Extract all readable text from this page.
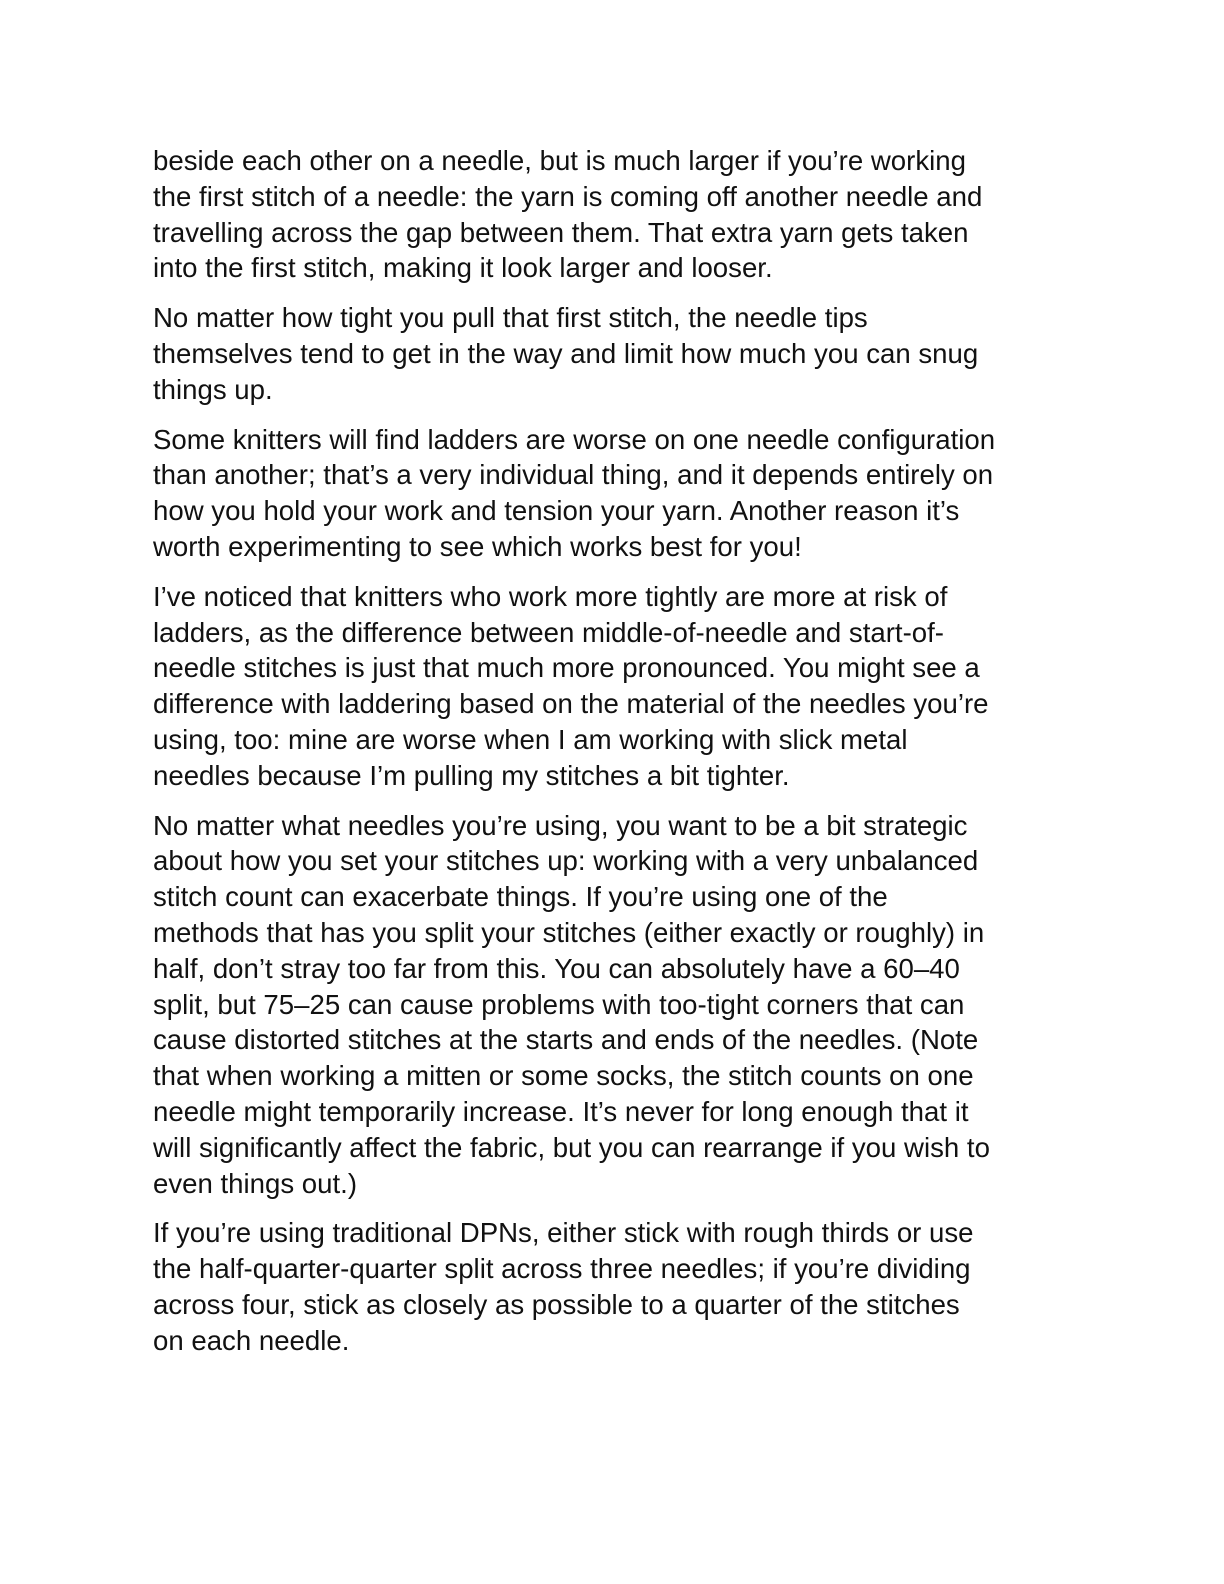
beside each other on a needle, but is much larger if you’re working
the first stitch of a needle: the yarn is coming off another needle and
travelling across the gap between them. That extra yarn gets taken
into the first stitch, making it look larger and looser.
No matter how tight you pull that first stitch, the needle tips
themselves tend to get in the way and limit how much you can snug
things up.
Some knitters will find ladders are worse on one needle configuration
than another; that’s a very individual thing, and it depends entirely on
how you hold your work and tension your yarn. Another reason it’s
worth experimenting to see which works best for you!
I’ve noticed that knitters who work more tightly are more at risk of
ladders, as the difference between middle-of-needle and start-of-
needle stitches is just that much more pronounced. You might see a
difference with laddering based on the material of the needles you’re
using, too: mine are worse when I am working with slick metal
needles because I’m pulling my stitches a bit tighter.
No matter what needles you’re using, you want to be a bit strategic
about how you set your stitches up: working with a very unbalanced
stitch count can exacerbate things. If you’re using one of the
methods that has you split your stitches (either exactly or roughly) in
half, don’t stray too far from this. You can absolutely have a 60–40
split, but 75–25 can cause problems with too-tight corners that can
cause distorted stitches at the starts and ends of the needles. (Note
that when working a mitten or some socks, the stitch counts on one
needle might temporarily increase. It’s never for long enough that it
will significantly affect the fabric, but you can rearrange if you wish to
even things out.)
If you’re using traditional DPNs, either stick with rough thirds or use
the half-quarter-quarter split across three needles; if you’re dividing
across four, stick as closely as possible to a quarter of the stitches
on each needle.
